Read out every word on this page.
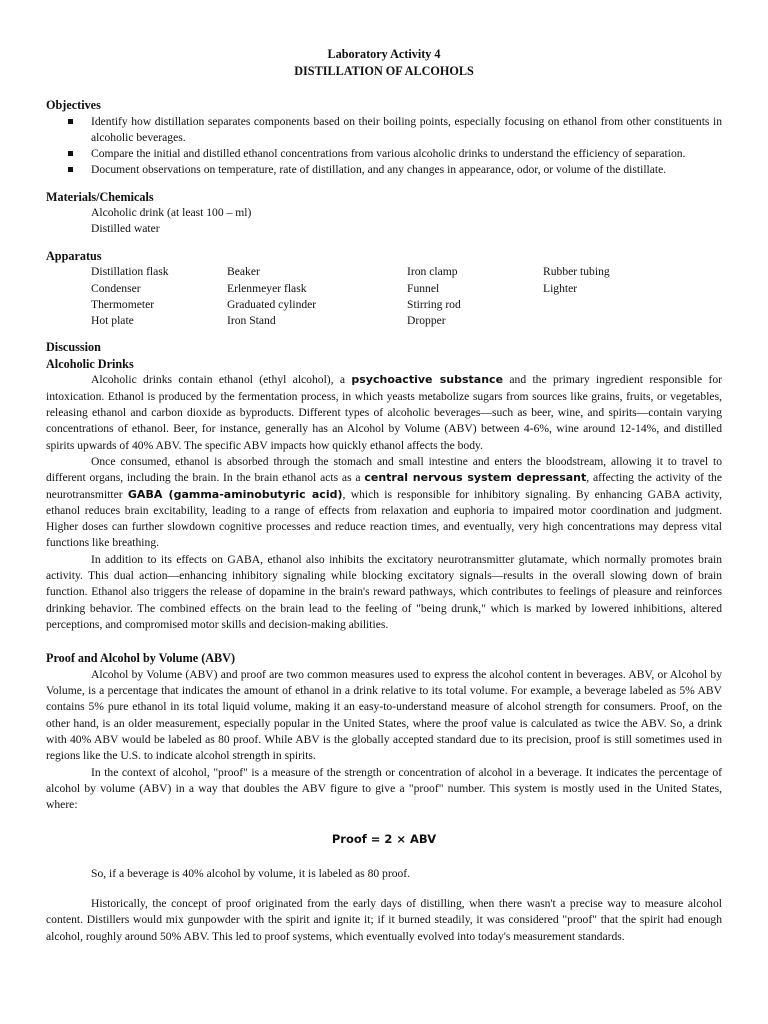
Laboratory Activity 4
DISTILLATION OF ALCOHOLS
Objectives
Identify how distillation separates components based on their boiling points, especially focusing on ethanol from other constituents in alcoholic beverages.
Compare the initial and distilled ethanol concentrations from various alcoholic drinks to understand the efficiency of separation.
Document observations on temperature, rate of distillation, and any changes in appearance, odor, or volume of the distillate.
Materials/Chemicals
Alcoholic drink (at least 100 – ml)
Distilled water
Apparatus
Distillation flask
Condenser
Thermometer
Hot plate
Beaker
Erlenmeyer flask
Graduated cylinder
Iron Stand
Iron clamp
Funnel
Stirring rod
Dropper
Rubber tubing
Lighter
Discussion
Alcoholic Drinks

Alcoholic drinks contain ethanol (ethyl alcohol), a psychoactive substance and the primary ingredient responsible for intoxication. Ethanol is produced by the fermentation process, in which yeasts metabolize sugars from sources like grains, fruits, or vegetables, releasing ethanol and carbon dioxide as byproducts. Different types of alcoholic beverages—such as beer, wine, and spirits—contain varying concentrations of ethanol. Beer, for instance, generally has an Alcohol by Volume (ABV) between 4-6%, wine around 12-14%, and distilled spirits upwards of 40% ABV. The specific ABV impacts how quickly ethanol affects the body.

Once consumed, ethanol is absorbed through the stomach and small intestine and enters the bloodstream, allowing it to travel to different organs, including the brain. In the brain ethanol acts as a central nervous system depressant, affecting the activity of the neurotransmitter GABA (gamma-aminobutyric acid), which is responsible for inhibitory signaling. By enhancing GABA activity, ethanol reduces brain excitability, leading to a range of effects from relaxation and euphoria to impaired motor coordination and judgment. Higher doses can further slowdown cognitive processes and reduce reaction times, and eventually, very high concentrations may depress vital functions like breathing.

In addition to its effects on GABA, ethanol also inhibits the excitatory neurotransmitter glutamate, which normally promotes brain activity. This dual action—enhancing inhibitory signaling while blocking excitatory signals—results in the overall slowing down of brain function. Ethanol also triggers the release of dopamine in the brain's reward pathways, which contributes to feelings of pleasure and reinforces drinking behavior. The combined effects on the brain lead to the feeling of "being drunk," which is marked by lowered inhibitions, altered perceptions, and compromised motor skills and decision-making abilities.

Proof and Alcohol by Volume (ABV)

Alcohol by Volume (ABV) and proof are two common measures used to express the alcohol content in beverages. ABV, or Alcohol by Volume, is a percentage that indicates the amount of ethanol in a drink relative to its total volume. For example, a beverage labeled as 5% ABV contains 5% pure ethanol in its total liquid volume, making it an easy-to-understand measure of alcohol strength for consumers. Proof, on the other hand, is an older measurement, especially popular in the United States, where the proof value is calculated as twice the ABV. So, a drink with 40% ABV would be labeled as 80 proof. While ABV is the globally accepted standard due to its precision, proof is still sometimes used in regions like the U.S. to indicate alcohol strength in spirits.

In the context of alcohol, "proof" is a measure of the strength or concentration of alcohol in a beverage. It indicates the percentage of alcohol by volume (ABV) in a way that doubles the ABV figure to give a "proof" number. This system is mostly used in the United States, where:

Proof = 2 × ABV

So, if a beverage is 40% alcohol by volume, it is labeled as 80 proof.

Historically, the concept of proof originated from the early days of distilling, when there wasn't a precise way to measure alcohol content. Distillers would mix gunpowder with the spirit and ignite it; if it burned steadily, it was considered "proof" that the spirit had enough alcohol, roughly around 50% ABV. This led to proof systems, which eventually evolved into today's measurement standards.
